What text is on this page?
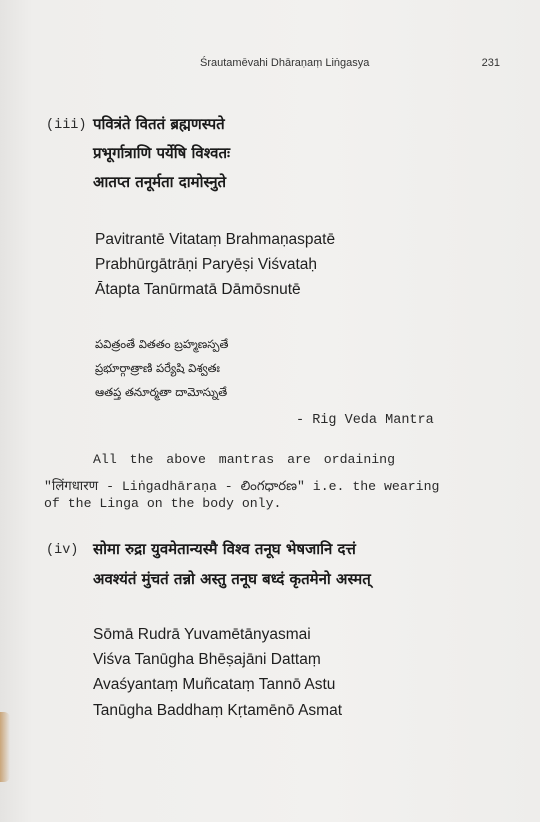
Śrautamēvahi Dhāraṇaṃ Liṅgasya	231
(iii) पवित्रंते विततं ब्रह्मणस्पते
प्रभूर्गात्राणि पर्येषि विश्वतः
आतप्त तनूर्मता दामोस्नुते
Pavitrantē Vitataṃ Brahmaṇaspatē
Prabhūrgātrāṇi Paryēṣi Viśvataḥ
Ātapta Tanūrmatā Dāmōsnutē
పవిత్రంతే వితతం బ్రహ్మణస్పతే
ప్రభూర్గాత్రాణి పర్యేషి విశ్వతః
ఆతప్త తనూర్మతా దామోస్నుతే
- Rig Veda Mantra
All the above mantras are ordaining
"लिंगधारण - Liṅgadhāraṇa - లింగధారణ" i.e. the wearing
of the Linga on the body only.
(iv) सोमा रुद्रा युवमेतान्यस्मै विश्व तनूघ भेषजानि दत्तं
अवश्यंतं मुंचतं तन्नो अस्तु तनूघ बध्दं कृतमेनो अस्मत्
Sōmā Rudrā Yuvamētānyasmai
Viśva Tanūgha Bhēṣajāni Dattaṃ
Avaśyantaṃ Muñcataṃ Tannō Astu
Tanūgha Baddhaṃ Kṛtamēnō Asmat
